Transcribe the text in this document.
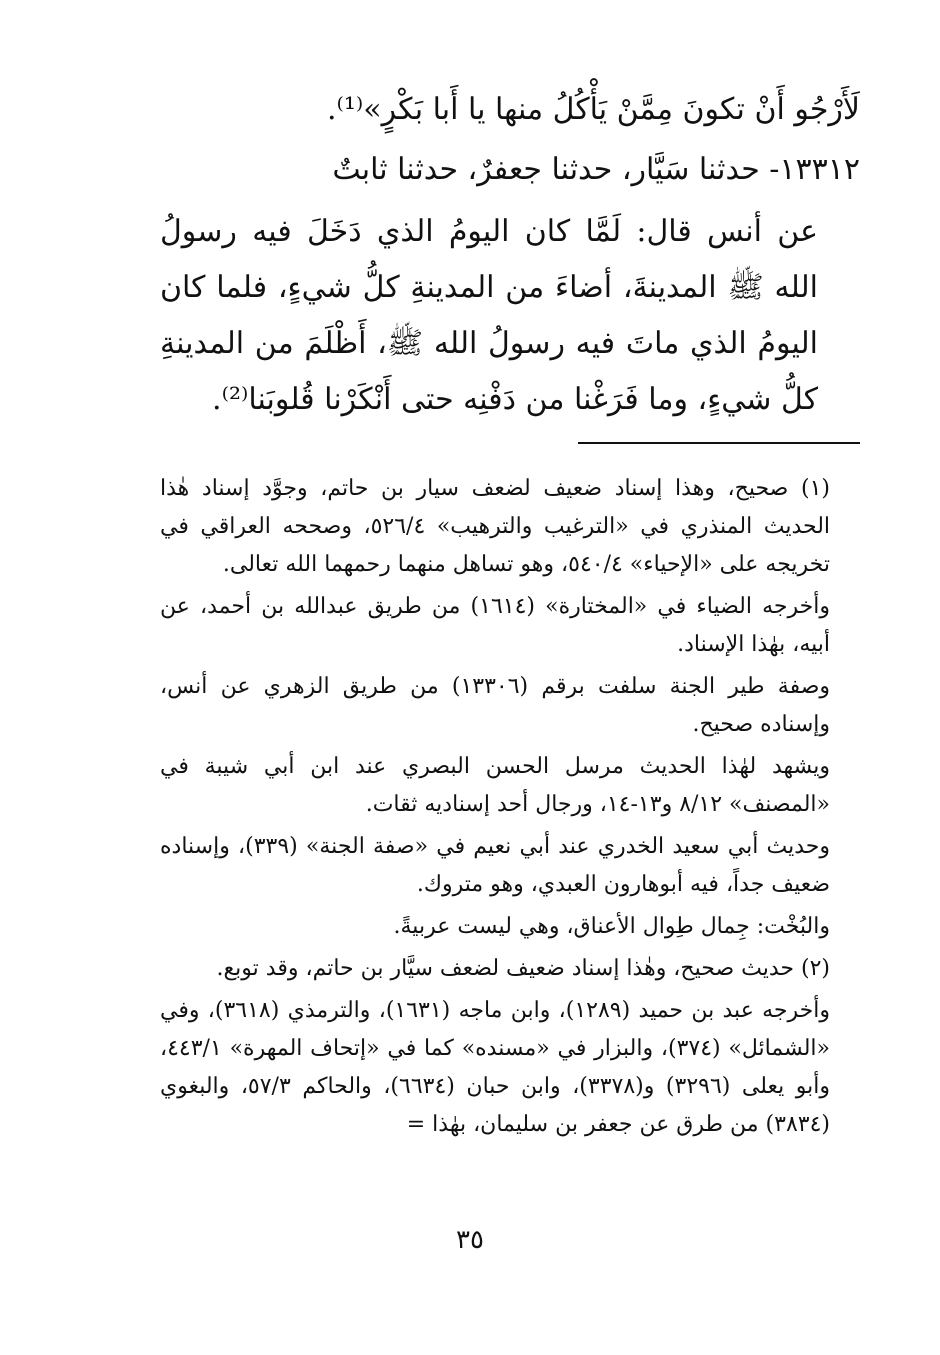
لَأَرْجُو أَنْ تكونَ مِمَّنْ يَأْكُلُ منها يا أَبا بَكْرٍ»⁽¹⁾.

١٣٣١٢- حدثنا سَيَّار، حدثنا جعفرٌ، حدثنا ثابتٌ

عن أنس قال: لَمَّا كان اليومُ الذي دَخَلَ فيه رسولُ الله ﷺ المدينةَ، أضاءَ من المدينةِ كلُّ شيءٍ، فلما كان اليومُ الذي ماتَ فيه رسولُ الله ﷺ، أَظْلَمَ من المدينةِ كلُّ شيءٍ، وما فَرَغْنا من دَفْنِه حتى أَنْكَرْنا قُلوبَنا⁽²⁾.

(١) صحيح، وهذا إسناد ضعيف لضعف سيار بن حاتم، وجوَّد إسناد هٰذا الحديث المنذري في «الترغيب والترهيب» ٥٢٦/٤، وصححه العراقي في تخريجه على «الإحياء» ٥٤٠/٤، وهو تساهل منهما رحمهما الله تعالى.

وأخرجه الضياء في «المختارة» (١٦١٤) من طريق عبدالله بن أحمد، عن أبيه، بهٰذا الإسناد.

وصفة طير الجنة سلفت برقم (١٣٣٠٦) من طريق الزهري عن أنس، وإسناده صحيح.

ويشهد لهٰذا الحديث مرسل الحسن البصري عند ابن أبي شيبة في «المصنف» ٨/١٢ و١٣-١٤، ورجال أحد إسناديه ثقات.

وحديث أبي سعيد الخدري عند أبي نعيم في «صفة الجنة» (٣٣٩)، وإسناده ضعيف جداً، فيه أبوهارون العبدي، وهو متروك.

والبُخْت: جِمال طِوال الأعناق، وهي ليست عربيةً.

(٢) حديث صحيح، وهٰذا إسناد ضعيف لضعف سيَّار بن حاتم، وقد توبع.

وأخرجه عبد بن حميد (١٢٨٩)، وابن ماجه (١٦٣١)، والترمذي (٣٦١٨)، وفي «الشمائل» (٣٧٤)، والبزار في «مسنده» كما في «إتحاف المهرة» ٤٤٣/١، وأبو يعلى (٣٢٩٦) و(٣٣٧٨)، وابن حبان (٦٦٣٤)، والحاكم ٥٧/٣، والبغوي (٣٨٣٤) من طرق عن جعفر بن سليمان، بهٰذا =

٣٥
